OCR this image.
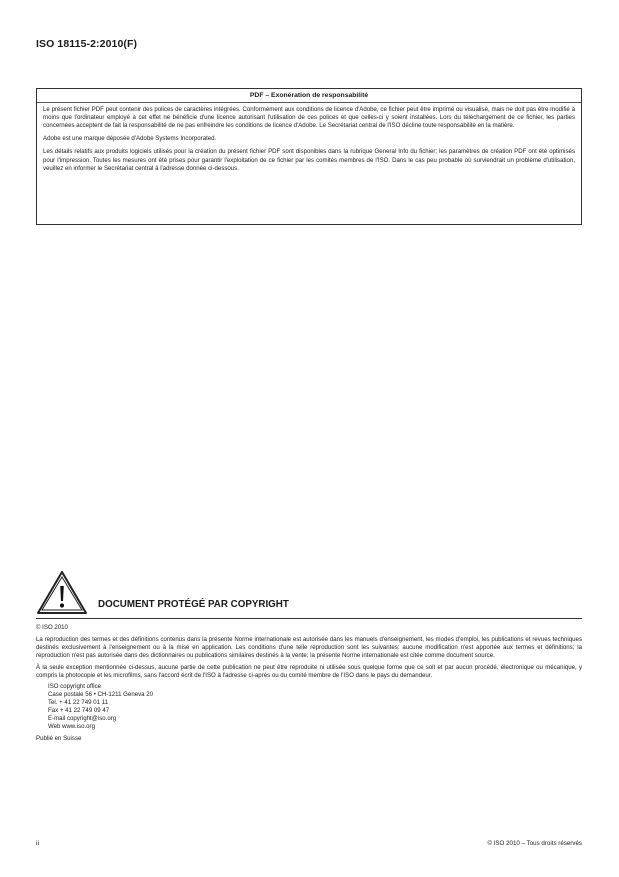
ISO 18115-2:2010(F)
PDF – Exonération de responsabilité

Le présent fichier PDF peut contenir des polices de caractères intégrées. Conformément aux conditions de licence d'Adobe, ce fichier peut être imprimé ou visualisé, mais ne doit pas être modifié à moins que l'ordinateur employé à cet effet ne bénéficie d'une licence autorisant l'utilisation de ces polices et que celles-ci y soient installées. Lors du téléchargement de ce fichier, les parties concernées acceptent de fait la responsabilité de ne pas enfreindre les conditions de licence d'Adobe. Le Secrétariat central de l'ISO décline toute responsabilité en la matière.

Adobe est une marque déposée d'Adobe Systems Incorporated.

Les détails relatifs aux produits logiciels utilisés pour la création du présent fichier PDF sont disponibles dans la rubrique General Info du fichier; les paramètres de création PDF ont été optimisés pour l'impression. Toutes les mesures ont été prises pour garantir l'exploitation de ce fichier par les comités membres de l'ISO. Dans le cas peu probable où surviendrait un problème d'utilisation, veuillez en informer le Secrétariat central à l'adresse donnée ci-dessous.

DOCUMENT PROTÉGÉ PAR COPYRIGHT
© ISO 2010

La reproduction des termes et des définitions contenus dans la présente Norme internationale est autorisée dans les manuels d'enseignement, les modes d'emploi, les publications et revues techniques destinés exclusivement à l'enseignement ou à la mise en application. Les conditions d'une telle reproduction sont les suivantes: aucune modification n'est apportée aux termes et définitions; la reproduction n'est pas autorisée dans des dictionnaires ou publications similaires destinés à la vente; la présente Norme internationale est citée comme document source.

À la seule exception mentionnée ci-dessus, aucune partie de cette publication ne peut être reproduite ni utilisée sous quelque forme que ce soit et par aucun procédé, électronique ou mécanique, y compris la photocopie et les microfilms, sans l'accord écrit de l'ISO à l'adresse ci-après ou du comité membre de l'ISO dans le pays du demandeur.

ISO copyright office
Case postale 56 • CH-1211 Geneva 20
Tel. + 41 22 749 01 11
Fax + 41 22 749 09 47
E-mail copyright@iso.org
Web www.iso.org
Publié en Suisse
ii	© ISO 2010 – Tous droits réservés
